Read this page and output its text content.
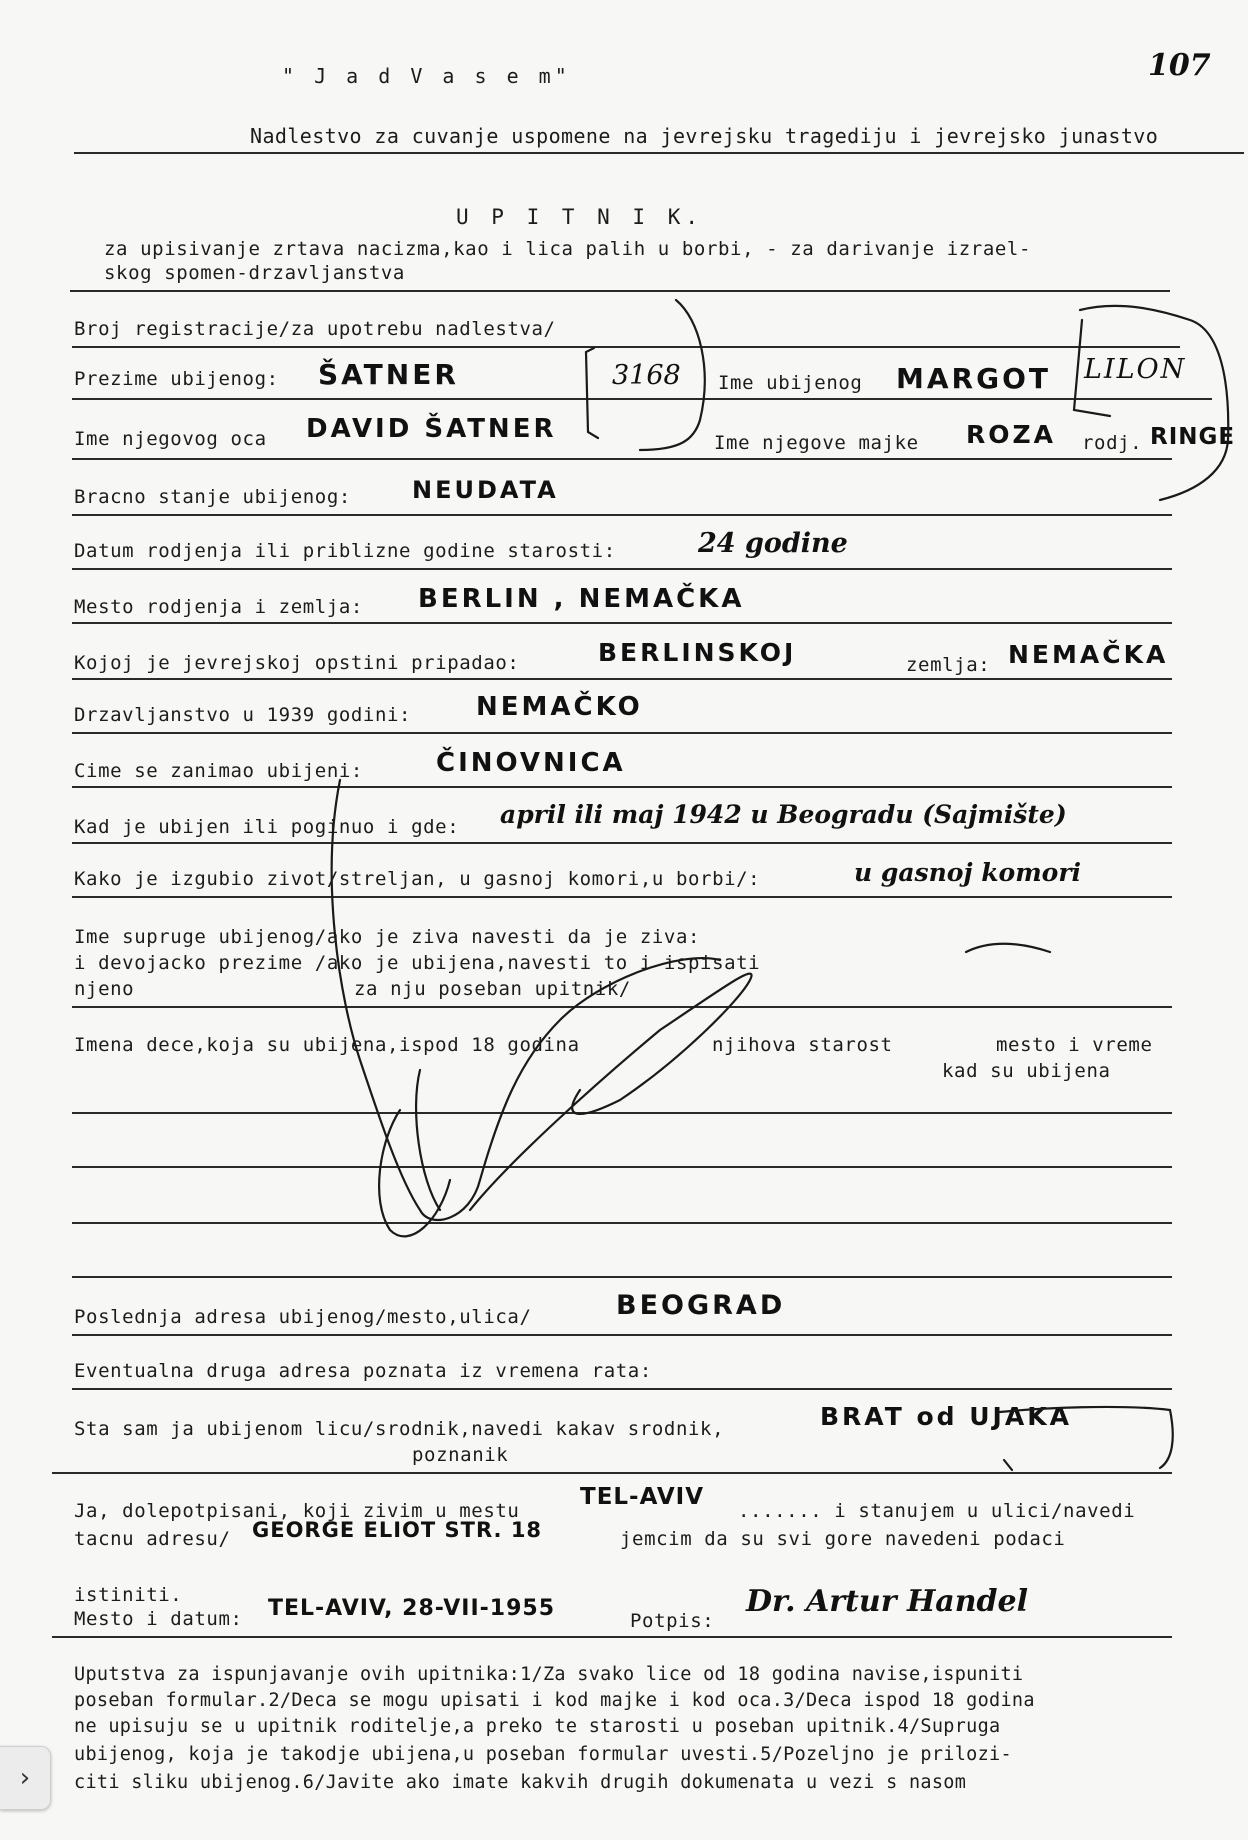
" J a d V a s e m"	107
Nadlestvo za cuvanje uspomene na jevrejsku tragediju i jevrejsko junastvo
U P I T N I K.
za upisivanje zrtava nacizma,kao i lica palih u borbi, - za darivanje izrael-
skog spomen-drzavljanstva
Broj registracije/za upotrebu nadlestva/
Prezime ubijenog: ŠATNER	3168 Ime ubijenog MARGOT LILON
Ime njegovog oca DAVID ŠATNER	Ime njegove majke ROZA rodj. RINGE
Bracno stanje ubijenog:	NEUDATA
Datum rodjenja ili priblizne godine starosti:	24 godine
Mesto rodjenja i zemlja: BERLIN , NEMAČKA
Kojoj je jevrejskoj opstini pripadao:	BERLINSKOJ	zemlja: NEMAČKA
Drzavljanstvo u 1939 godini: NEMAČKO
Cime se zanimao ubijeni:	ČINOVNICA
Kad je ubijen ili poginuo i gde: april ili maj 1942 u Beogradu (Sajmište)
Kako je izgubio zivot/streljan, u gasnoj komori,u borbi/:	u gasnoj komori
Ime supruge ubijenog/ako je ziva navesti da je ziva:
i devojacko prezime /ako je ubijena,navesti to i ispisati
njeno	za nju poseban upitnik/
Imena dece,koja su ubijena,ispod 18 godina	njihova starost	mesto i vreme
kad su ubijena
Poslednja adresa ubijenog/mesto,ulica/	BEOGRAD
Eventualna druga adresa poznata iz vremena rata:
Sta sam ja ubijenom licu/srodnik,navedi kakav srodnik,
poznanik
BRAT od UJAKA
Ja, dolepotpisani, koji zivim u mestu
TEL-AVIV
....... i stanujem u ulici/navedi
tacnu adresu/ GEORGE ELIOT STR. 18	jemcim da su svi gore navedeni podaci
istiniti.
Mesto i datum: TEL-AVIV, 28-VII-1955	Potpis:
Dr. Artur Handel
Uputstva za ispunjavanje ovih upitnika:1/Za svako lice od 18 godina navise,ispuniti
poseban formular.2/Deca se mogu upisati i kod majke i kod oca.3/Deca ispod 18 godina
ne upisuju se u upitnik roditelje,a preko te starosti u poseban upitnik.4/Supruga
ubijenog, koja je takodje ubijena,u poseban formular uvesti.5/Pozeljno je prilozi-
citi sliku ubijenog.6/Javite ako imate kakvih drugih dokumenata u vezi s nasom
›
